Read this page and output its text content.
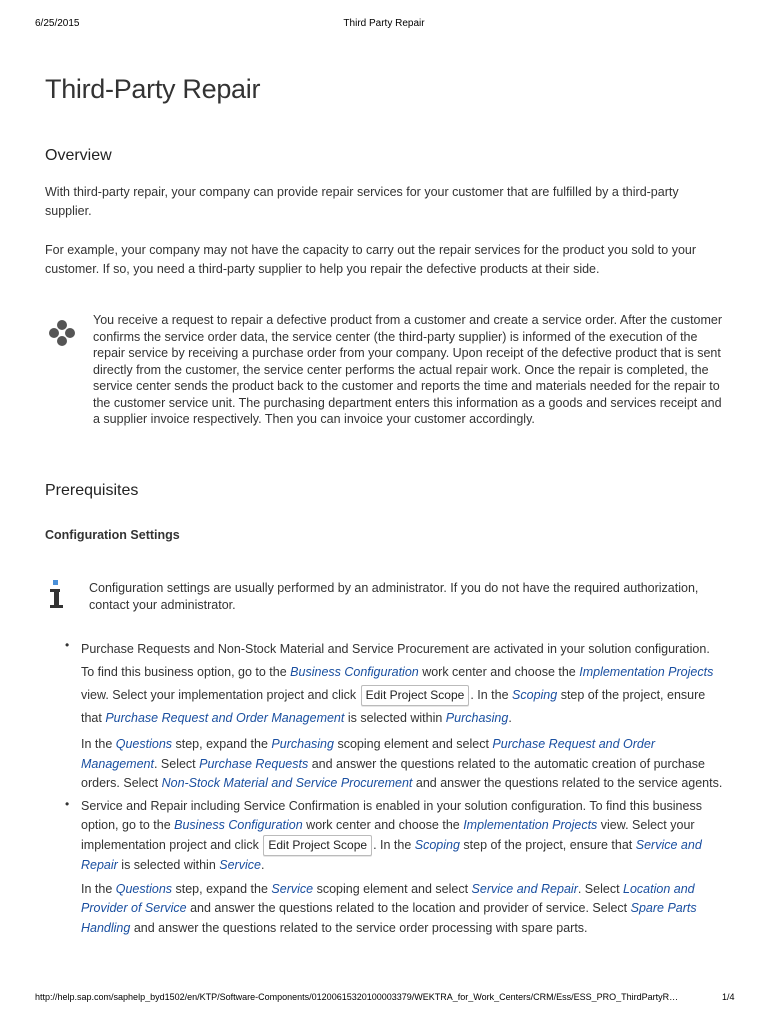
6/25/2015	Third Party Repair
Third-Party Repair
Overview
With third-party repair, your company can provide repair services for your customer that are fulfilled by a third-party supplier.
For example, your company may not have the capacity to carry out the repair services for the product you sold to your customer. If so, you need a third-party supplier to help you repair the defective products at their side.
You receive a request to repair a defective product from a customer and create a service order. After the customer confirms the service order data, the service center (the third-party supplier) is informed of the execution of the repair service by receiving a purchase order from your company. Upon receipt of the defective product that is sent directly from the customer, the service center performs the actual repair work. Once the repair is completed, the service center sends the product back to the customer and reports the time and materials needed for the repair to the customer service unit. The purchasing department enters this information as a goods and services receipt and a supplier invoice respectively. Then you can invoice your customer accordingly.
Prerequisites
Configuration Settings
Configuration settings are usually performed by an administrator. If you do not have the required authorization, contact your administrator.
• Purchase Requests and Non-Stock Material and Service Procurement are activated in your solution configuration. To find this business option, go to the Business Configuration work center and choose the Implementation Projects view. Select your implementation project and click Edit Project Scope . In the Scoping step of the project, ensure that Purchase Request and Order Management is selected within Purchasing.
In the Questions step, expand the Purchasing scoping element and select Purchase Request and Order Management. Select Purchase Requests and answer the questions related to the automatic creation of purchase orders. Select Non-Stock Material and Service Procurement and answer the questions related to the service agents.
• Service and Repair including Service Confirmation is enabled in your solution configuration. To find this business option, go to the Business Configuration work center and choose the Implementation Projects view. Select your implementation project and click Edit Project Scope . In the Scoping step of the project, ensure that Service and Repair is selected within Service.
In the Questions step, expand the Service scoping element and select Service and Repair. Select Location and Provider of Service and answer the questions related to the location and provider of service. Select Spare Parts Handling and answer the questions related to the service order processing with spare parts.
http://help.sap.com/saphelp_byd1502/en/KTP/Software-Components/01200615320100003379/WEKTRA_for_Work_Centers/CRM/Ess/ESS_PRO_ThirdPartyR…	1/4
